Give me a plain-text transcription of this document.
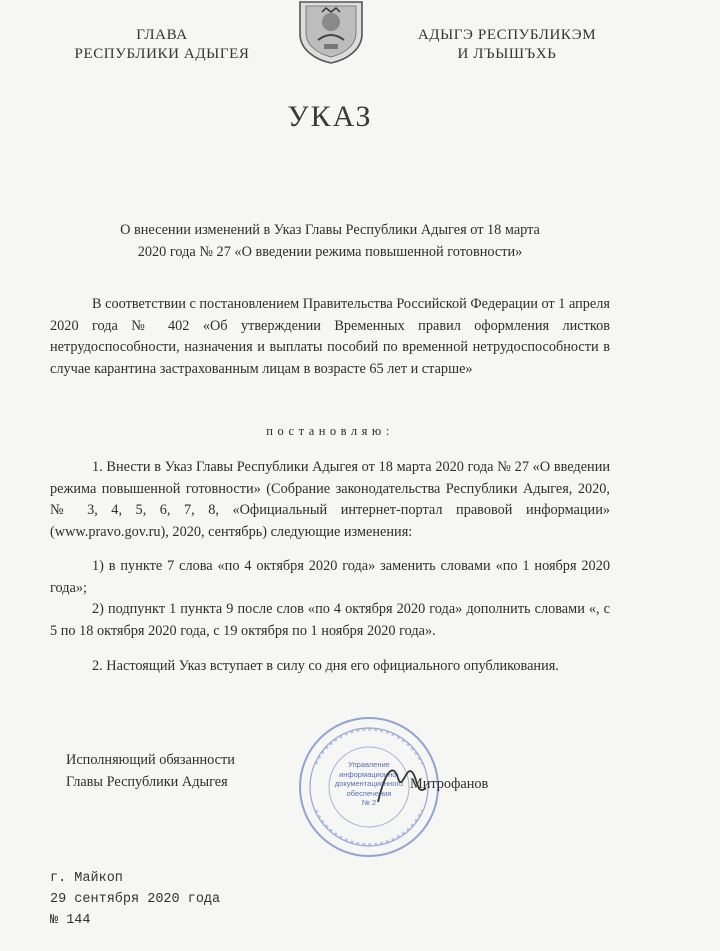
ГЛАВА
РЕСПУБЛИКИ АДЫГЕЯ
АДЫГЭ РЕСПУБЛИКЭМ
И ЛЪЫШЪХЬ
УКАЗ
О внесении изменений в Указ Главы Республики Адыгея от 18 марта
2020 года № 27 «О введении режима повышенной готовности»
В соответствии с постановлением Правительства Российской Федерации от 1 апреля 2020 года № 402 «Об утверждении Временных правил оформления листков нетрудоспособности, назначения и выплаты пособий по временной нетрудоспособности в случае карантина застрахованным лицам в возрасте 65 лет и старше»
постановляю:
1. Внести в Указ Главы Республики Адыгея от 18 марта 2020 года № 27 «О введении режима повышенной готовности» (Собрание законодательства Республики Адыгея, 2020, № 3, 4, 5, 6, 7, 8, «Официальный интернет-портал правовой информации» (www.pravo.gov.ru), 2020, сентябрь) следующие изменения:
1) в пункте 7 слова «по 4 октября 2020 года» заменить словами «по 1 ноября 2020 года»;
2) подпункт 1 пункта 9 после слов «по 4 октября 2020 года» дополнить словами «, с 5 по 18 октября 2020 года, с 19 октября по 1 ноября 2020 года».
2. Настоящий Указ вступает в силу со дня его официального опубликования.
Исполняющий обязанности
Главы Республики Адыгея
Управление
информационно-
документационного
обеспечения
№ 2
Митрофанов
г. Майкоп
29 сентября 2020 года
№ 144
